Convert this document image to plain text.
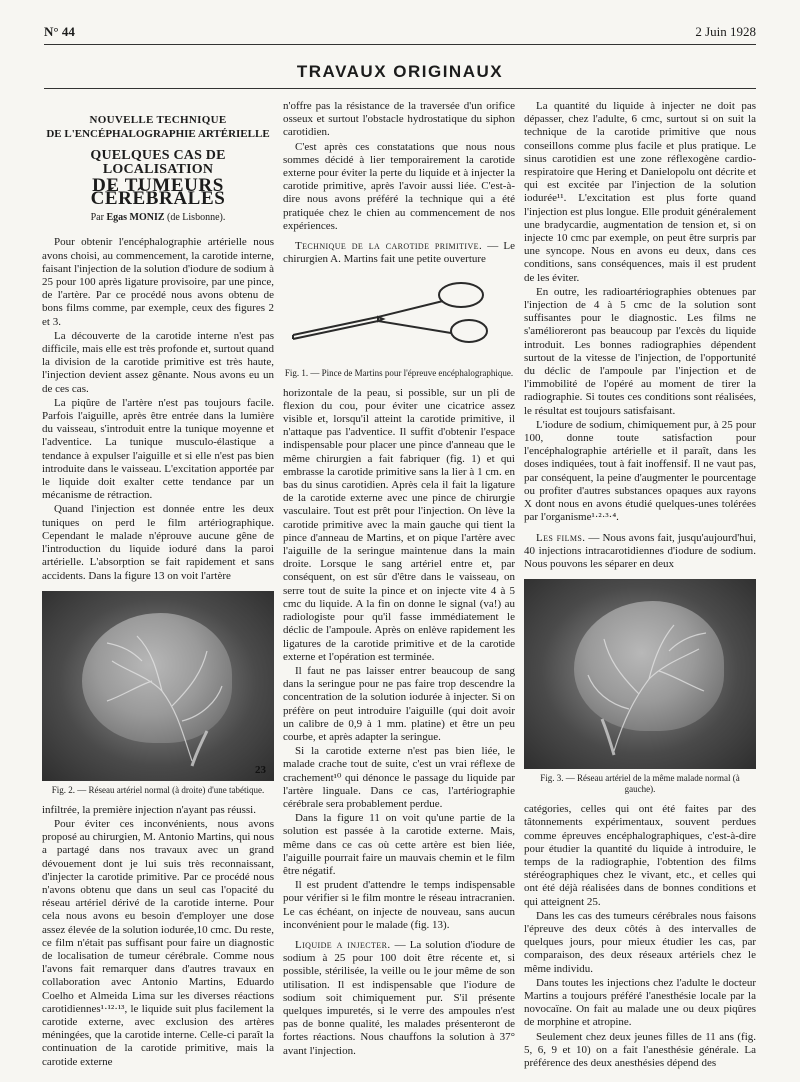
N° 44	2 Juin 1928
TRAVAUX ORIGINAUX
NOUVELLE TECHNIQUE
DE L'ENCÉPHALOGRAPHIE ARTÉRIELLE
QUELQUES CAS DE LOCALISATION
DE TUMEURS CÉRÉBRALES
Par Egas MONIZ (de Lisbonne).

Pour obtenir l'encéphalographie artérielle nous avons choisi, au commencement, la carotide interne, faisant l'injection de la solution d'iodure de sodium à 25 pour 100 après ligature provisoire, par une pince, de l'artère. Par ce procédé nous avons obtenu de bons films comme, par exemple, ceux des figures 2 et 3.

La découverte de la carotide interne n'est pas difficile, mais elle est très profonde et, surtout quand la division de la carotide primitive est très haute, l'injection devient assez gênante. Nous avons eu un de ces cas.

La piqûre de l'artère n'est pas toujours facile. Parfois l'aiguille, après être entrée dans la lumière du vaisseau, s'introduit entre la tunique moyenne et l'adventice. La tunique musculo-élastique a tendance à expulser l'aiguille et si elle n'est pas bien introduite dans le vaisseau. L'excitation apportée par le liquide doit exalter cette tendance par un mécanisme de rétraction.

Quand l'injection est donnée entre les deux tuniques on perd le film artériographique. Cependant le malade n'éprouve aucune gêne de l'introduction du liquide ioduré dans la paroi artérielle. L'absorption se fait rapidement et sans accidents. Dans la figure 13 on voit l'artère

23
Fig. 2. — Réseau artériel normal (à droite) d'une tabétique.

infiltrée, la première injection n'ayant pas réussi.

Pour éviter ces inconvénients, nous avons proposé au chirurgien, M. Antonio Martins, qui nous a partagé dans nos travaux avec un grand dévouement dont je lui suis très reconnaissant, d'injecter la carotide primitive. Par ce procédé nous n'avons obtenu que dans un seul cas l'opacité du réseau artériel dérivé de la carotide interne. Pour cela nous avons eu besoin d'employer une dose assez élevée de la solution iodurée,10 cmc. Du reste, ce film n'était pas suffisant pour faire un diagnostic de localisation de tumeur cérébrale. Comme nous l'avons fait remarquer dans d'autres travaux en collaboration avec Antonio Martins, Eduardo Coelho et Almeida Lima sur les diverses réactions carotidiennes¹·¹²·¹³, le liquide suit plus facilement la carotide externe, avec exclusion des artères méningées, que la carotide interne. Celle-ci paraît la continuation de la carotide primitive, mais la carotide externe

n'offre pas la résistance de la traversée d'un orifice osseux et surtout l'obstacle hydrostatique du siphon carotidien.

C'est après ces constatations que nous nous sommes décidé à lier temporairement la carotide externe pour éviter la perte du liquide et à injecter la carotide primitive, après l'avoir aussi liée. C'est-à-dire nous avons préféré la technique qui a été pratiquée chez le chien au commencement de nos expériences.

Technique de la carotide primitive. — Le chirurgien A. Martins fait une petite ouverture

Fig. 1. — Pince de Martins pour l'épreuve encéphalographique.

horizontale de la peau, si possible, sur un pli de flexion du cou, pour éviter une cicatrice assez visible et, lorsqu'il atteint la carotide primitive, il n'attaque pas l'adventice. Il suffit d'obtenir l'espace indispensable pour placer une pince d'anneau que le même chirurgien a fait fabriquer (fig. 1) et qui embrasse la carotide primitive sans la lier à 1 cm. en bas du sinus carotidien. Après cela il fait la ligature de la carotide externe avec une pince de chirurgie vasculaire. Tout est prêt pour l'injection. On lève la carotide primitive avec la main gauche qui tient la pince d'anneau de Martins, et on pique l'artère avec l'aiguille de la seringue maintenue dans la main droite. Lorsque le sang artériel entre et, par conséquent, on est sûr d'être dans le vaisseau, on serre tout de suite la pince et on injecte vite 4 à 5 cmc du liquide. A la fin on donne le signal (va!) au radiologiste pour qu'il fasse immédiatement le déclic de l'ampoule. Après on enlève rapidement les ligatures de la carotide primitive et de la carotide externe et l'opération est terminée.

Il faut ne pas laisser entrer beaucoup de sang dans la seringue pour ne pas faire trop descendre la concentration de la solution iodurée à injecter. Si on préfère on peut introduire l'aiguille (qui doit avoir un calibre de 0,9 à 1 mm. platine) et être un peu courbe, et après adapter la seringue.

Si la carotide externe n'est pas bien liée, le malade crache tout de suite, c'est un vrai réflexe de crachement¹⁰ qui dénonce le passage du liquide par l'artère linguale. Dans ce cas, l'artériographie cérébrale sera probablement perdue.

Dans la figure 11 on voit qu'une partie de la solution est passée à la carotide externe. Mais, même dans ce cas où cette artère est bien liée, l'aiguille pourrait faire un mauvais chemin et le film être négatif.

Il est prudent d'attendre le temps indispensable pour vérifier si le film montre le réseau intracranien. Le cas échéant, on injecte de nouveau, sans aucun inconvénient pour le malade (fig. 13).

Liquide a injecter. — La solution d'iodure de sodium à 25 pour 100 doit être récente et, si possible, stérilisée, la veille ou le jour même de son utilisation. Il est indispensable que l'iodure de sodium soit chimiquement pur. S'il présente quelques impuretés, si le verre des ampoules n'est pas de bonne qualité, les malades présenteront de fortes réactions. Nous chauffons la solution à 37° avant l'injection.

La quantité du liquide à injecter ne doit pas dépasser, chez l'adulte, 6 cmc, surtout si on suit la technique de la carotide primitive que nous conseillons comme plus facile et plus pratique. Le sinus carotidien est une zone réflexogène cardio-respiratoire que Hering et Danielopolu ont décrite et qui est excitée par l'injection de la solution iodurée¹¹. L'excitation est plus forte quand l'injection est plus longue. Elle produit généralement une bradycardie, augmentation de tension et, si on injecte 10 cmc par exemple, on peut être surpris par une syncope. Nous en avons eu deux, dans ces conditions, sans conséquences, mais il est prudent de les éviter.

En outre, les radioartériographies obtenues par l'injection de 4 à 5 cmc de la solution sont suffisantes pour le diagnostic. Les films ne s'amélioreront pas beaucoup par l'excès du liquide introduit. Les bonnes radiographies dépendent surtout de la vitesse de l'injection, de l'opportunité du déclic de l'ampoule par l'injection et de l'immobilité de l'opéré au moment de tirer la radiographie. Si toutes ces conditions sont réalisées, le résultat est toujours satisfaisant.

L'iodure de sodium, chimiquement pur, à 25 pour 100, donne toute satisfaction pour l'encéphalographie artérielle et il paraît, dans les doses indiquées, tout à fait inoffensif. Il ne vaut pas, par conséquent, la peine d'augmenter le pourcentage ou profiter d'autres substances opaques aux rayons X dont nous en avons étudié quelques-unes tolérées par l'organisme¹·²·³·⁴.

Les films. — Nous avons fait, jusqu'aujourd'hui, 40 injections intracarotidiennes d'iodure de sodium. Nous pouvons les séparer en deux

Fig. 3. — Réseau artériel de la même malade normal (à gauche).

catégories, celles qui ont été faites par des tâtonnements expérimentaux, souvent perdues comme épreuves encéphalographiques, c'est-à-dire pour étudier la quantité du liquide à introduire, le temps de la radiographie, l'obtention des films stéréographiques chez le vivant, etc., et celles qui ont été déjà réalisées dans de bonnes conditions et qui atteignent 25.

Dans les cas des tumeurs cérébrales nous faisons l'épreuve des deux côtés à des intervalles de quelques jours, pour mieux étudier les cas, par comparaison, des deux réseaux artériels chez le même individu.

Dans toutes les injections chez l'adulte le docteur Martins a toujours préféré l'anesthésie locale par la novocaïne. On fait au malade une ou deux piqûres de morphine et atropine.

Seulement chez deux jeunes filles de 11 ans (fig. 5, 6, 9 et 10) on a fait l'anesthésie générale. La préférence des deux anesthésies dépend des
